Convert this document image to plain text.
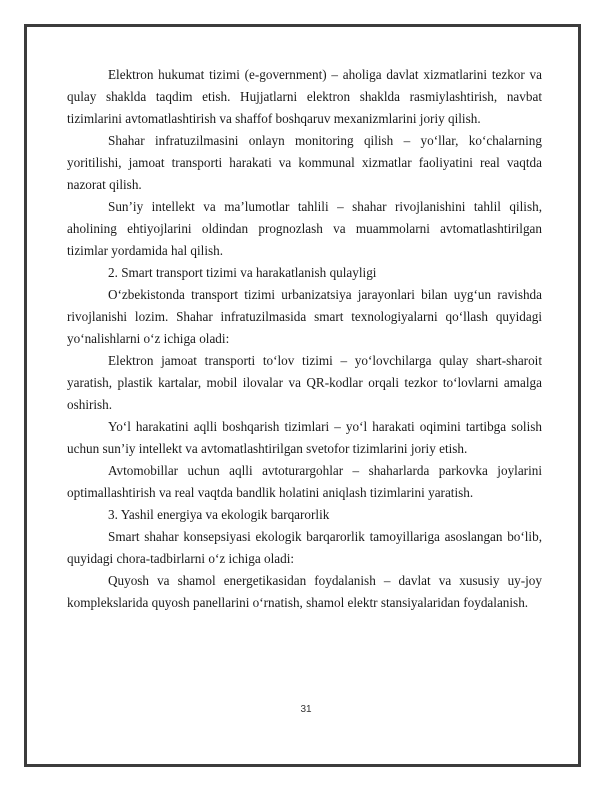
Elektron hukumat tizimi (e-government) – aholiga davlat xizmatlarini tezkor va qulay shaklda taqdim etish. Hujjatlarni elektron shaklda rasmiylashtirish, navbat tizimlarini avtomatlashtirish va shaffof boshqaruv mexanizmlarini joriy qilish.

Shahar infratuzilmasini onlayn monitoring qilish – yo‘llar, ko‘chalarning yoritilishi, jamoat transporti harakati va kommunal xizmatlar faoliyatini real vaqtda nazorat qilish.

Sun’iy intellekt va ma’lumotlar tahlili – shahar rivojlanishini tahlil qilish, aholining ehtiyojlarini oldindan prognozlash va muammolarni avtomatlashtirilgan tizimlar yordamida hal qilish.

2. Smart transport tizimi va harakatlanish qulayligi

O‘zbekistonda transport tizimi urbanizatsiya jarayonlari bilan uyg‘un ravishda rivojlanishi lozim. Shahar infratuzilmasida smart texnologiyalarni qo‘llash quyidagi yo‘nalishlarni o‘z ichiga oladi:

Elektron jamoat transporti to‘lov tizimi – yo‘lovchilarga qulay shart-sharoit yaratish, plastik kartalar, mobil ilovalar va QR-kodlar orqali tezkor to‘lovlarni amalga oshirish.

Yo‘l harakatini aqlli boshqarish tizimlari – yo‘l harakati oqimini tartibga solish uchun sun’iy intellekt va avtomatlashtirilgan svetofor tizimlarini joriy etish.

Avtomobillar uchun aqlli avtoturargohlar – shaharlarda parkovka joylarini optimallashtirish va real vaqtda bandlik holatini aniqlash tizimlarini yaratish.

3. Yashil energiya va ekologik barqarorlik

Smart shahar konsepsiyasi ekologik barqarorlik tamoyillariga asoslangan bo‘lib, quyidagi chora-tadbirlarni o‘z ichiga oladi:

Quyosh va shamol energetikasidan foydalanish – davlat va xususiy uy-joy komplekslarida quyosh panellarini o‘rnatish, shamol elektr stansiyalaridan foydalanish.

31
